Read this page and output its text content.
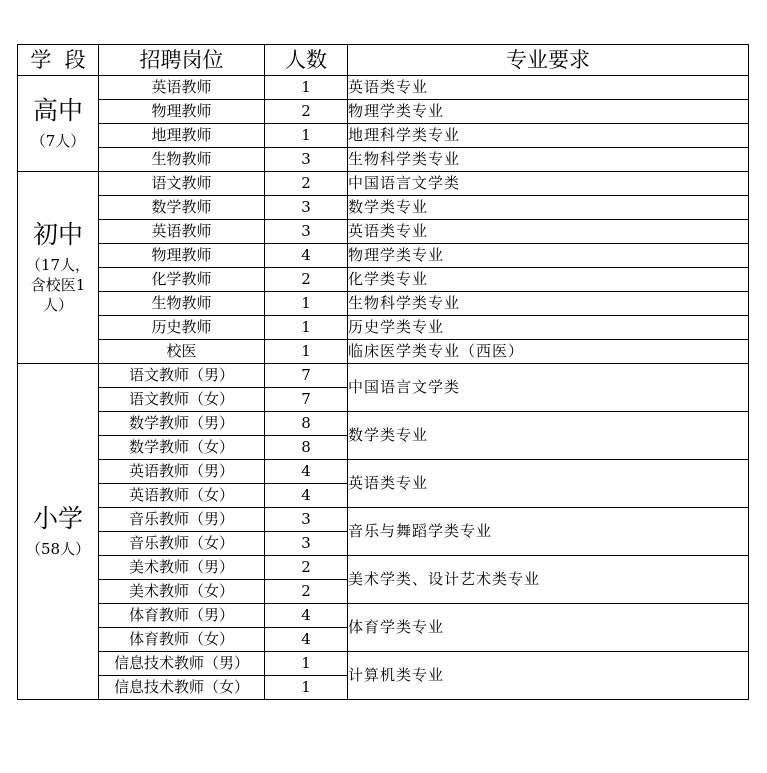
学  段	招聘岗位	人数	专业要求

高中
（7人）	英语教师	1	英语类专业
	物理教师	2	物理学类专业
	地理教师	1	地理科学类专业
	生物教师	3	生物科学类专业

初中
（17人，含校医1人）	语文教师	2	中国语言文学类
	数学教师	3	数学类专业
	英语教师	3	英语类专业
	物理教师	4	物理学类专业
	化学教师	2	化学类专业
	生物教师	1	生物科学类专业
	历史教师	1	历史学类专业
	校医	1	临床医学类专业（西医）

小学
（58人）	语文教师（男）	7	中国语言文学类
	语文教师（女）	7	
	数学教师（男）	8	数学类专业
	数学教师（女）	8	
	英语教师（男）	4	英语类专业
	英语教师（女）	4	
	音乐教师（男）	3	音乐与舞蹈学类专业
	音乐教师（女）	3	
	美术教师（男）	2	美术学类、设计艺术类专业
	美术教师（女）	2	
	体育教师（男）	4	体育学类专业
	体育教师（女）	4	
	信息技术教师（男）	1	计算机类专业
	信息技术教师（女）	1	
